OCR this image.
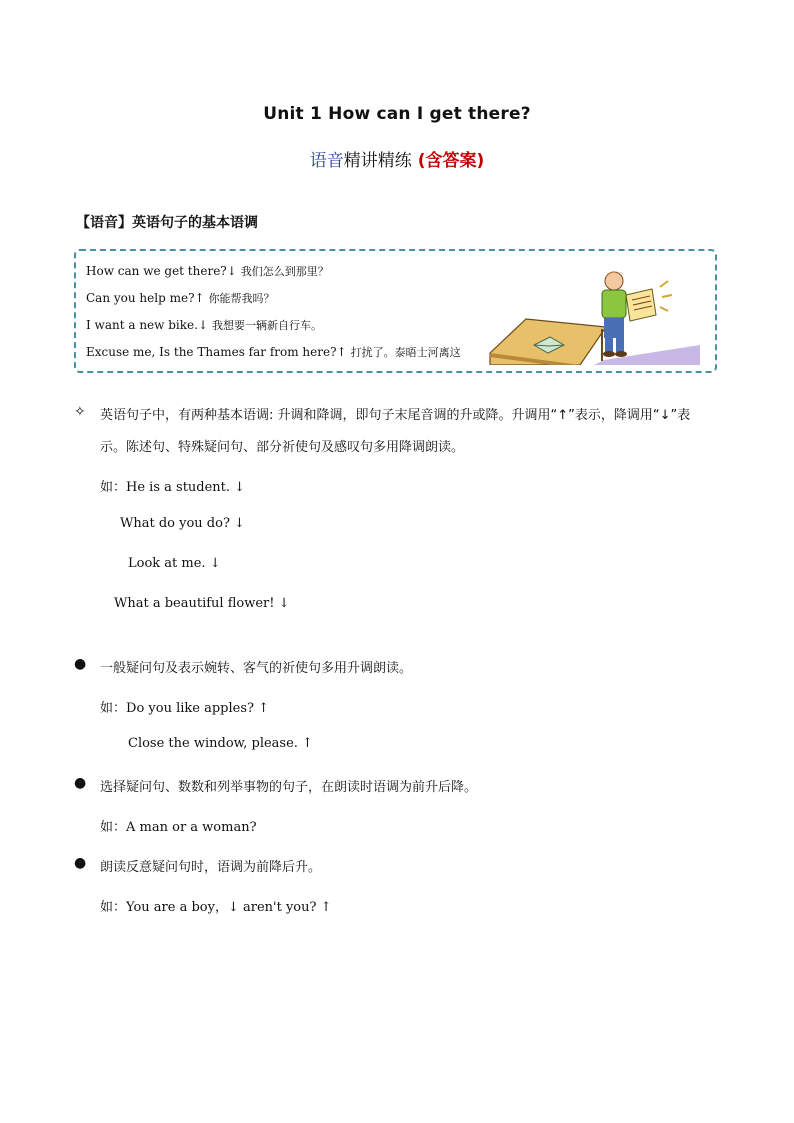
Unit 1 How can I get there?
语音精讲精练 (含答案)
【语音】英语句子的基本语调
How can we get there?↓ 我们怎么到那里？
Can you help me?↑ 你能帮我吗？
I want a new bike.↓ 我想要一辆新自行车。
Excuse me, Is the Thames far from here?↑ 打扰了。泰晤士河离这
✧ 英语句子中，有两种基本语调: 升调和降调，即句子末尾音调的升或降。升调用“↑”表示，降调用“↓”表
示。陈述句、特殊疑问句、部分祈使句及感叹句多用降调朗读。
如：He is a student. ↓
What do you do? ↓
Look at me. ↓
What a beautiful flower! ↓
● 一般疑问句及表示婉转、客气的祈使句多用升调朗读。
如：Do you like apples? ↑
Close the window, please. ↑
● 选择疑问句、数数和列举事物的句子，在朗读时语调为前升后降。
如：A man or a woman?
● 朗读反意疑问句时，语调为前降后升。
如：You are a boy，↓ aren't you? ↑
